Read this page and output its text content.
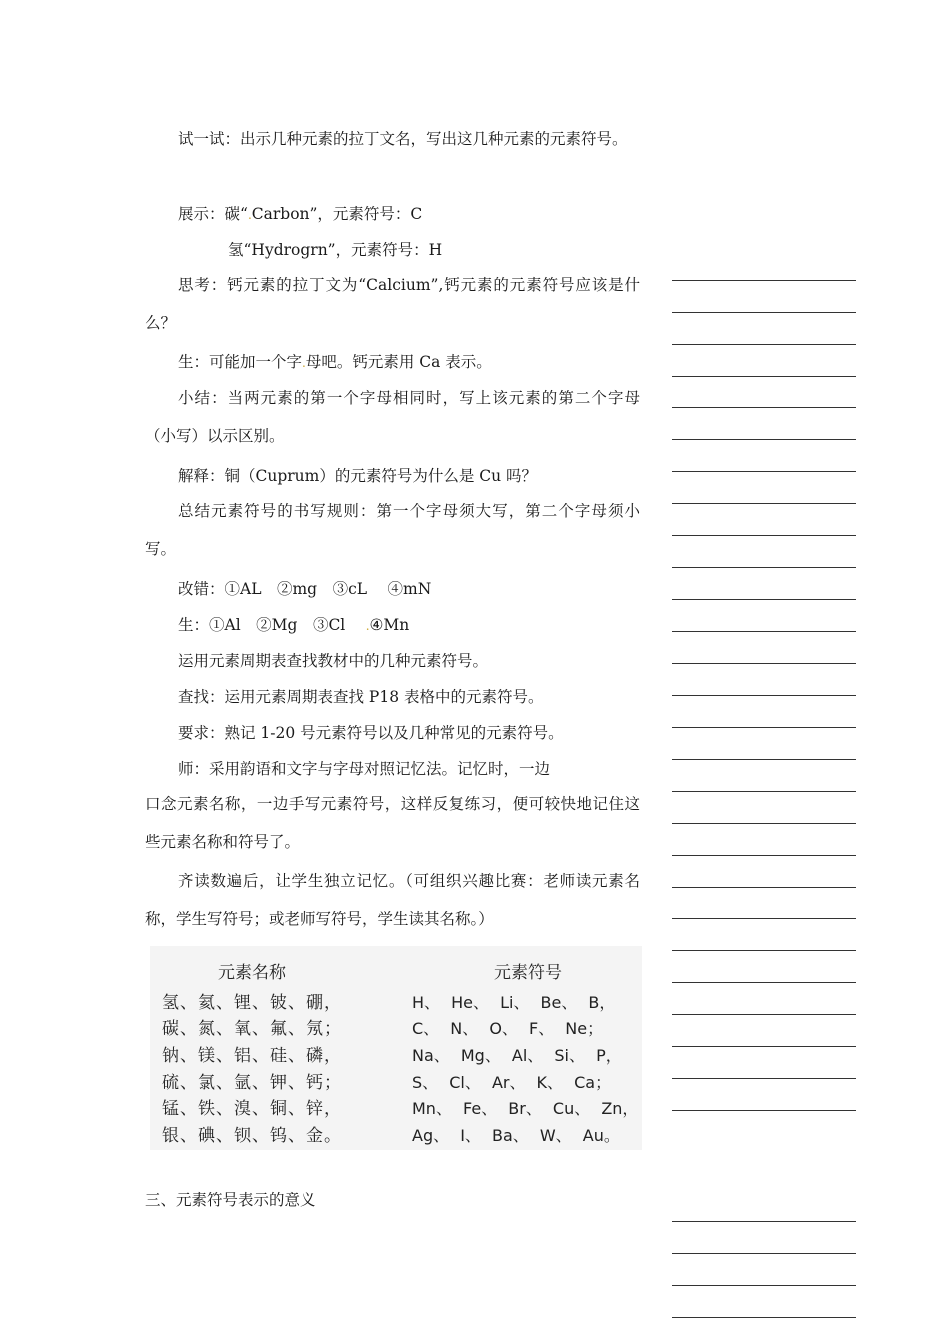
试一试：出示几种元素的拉丁文名，写出这几种元素的元素符号。

展示：碳“.Carbon”，元素符号：C

氢“Hydrogrn”，元素符号：H

思考：钙元素的拉丁文为“Calcium”,钙元素的元素符号应该是什么？

生：可能加一个字.母吧。钙元素用 Ca 表示。

小结：当两元素的第一个字母相同时，写上该元素的第二个字母（小写）以示区别。

解释：铜（Cuprum）的元素符号为什么是 Cu 吗？

总结元素符号的书写规则：第一个字母须大写，第二个字母须小写。

改错：①AL　②mg　③cL　 ④mN

生：①Al　②Mg　③Cl　 .④Mn

运用元素周期表查找教材中的几种元素符号。

查找：运用元素周期表查找 P18 表格中的元素符号。

要求：熟记 1-20 号元素符号以及几种常见的元素符号。

师：采用韵语和文字与字母对照记忆法。记忆时，一边

口念元素名称，一边手写元素符号，这样反复练习，便可较快地记住这些元素名称和符号了。

齐读数遍后，让学生独立记忆。（可组织兴趣比赛：老师读元素名称，学生写符号；或老师写符号，学生读其名称。）

元素名称	元素符号
氢、氦、锂、铍、硼，	H、 He、 Li、 Be、 B，
碳、氮、氧、氟、氖；	C、 N、 O、 F、 Ne；
钠、镁、铝、硅、磷，	Na、 Mg、 Al、 Si、 P，
硫、氯、氩、钾、钙；	S、 Cl、 Ar、 K、 Ca；
锰、铁、溴、铜、锌，	Mn、 Fe、 Br、 Cu、 Zn，
银、碘、钡、钨、金。	Ag、 I、 Ba、 W、 Au。

三、元素符号表示的意义
